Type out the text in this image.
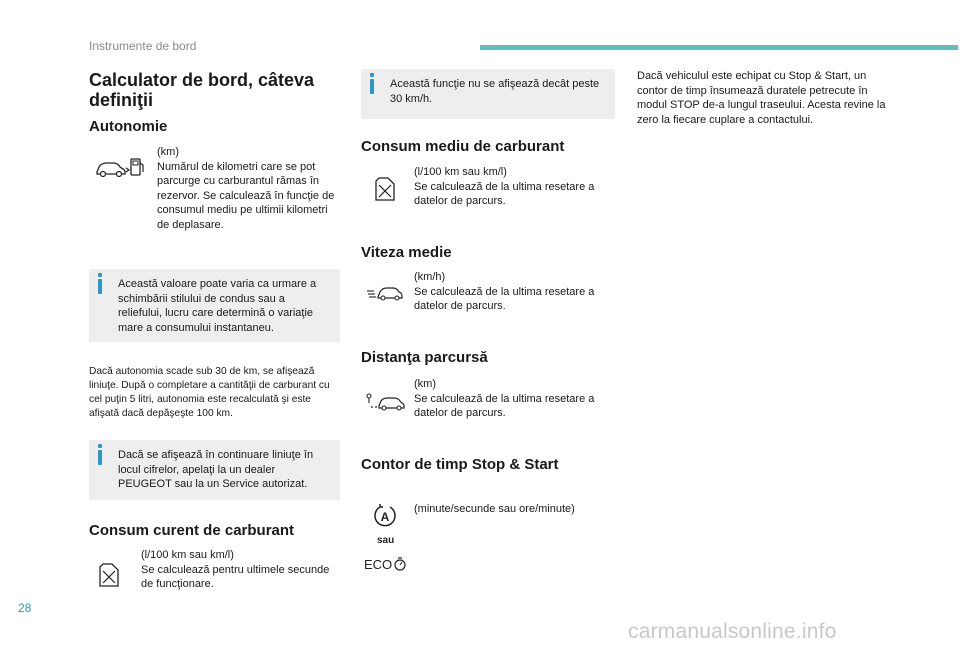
Instrumente de bord
Calculator de bord, câteva definiţii
Autonomie
(km)
Numărul de kilometri care se pot parcurge cu carburantul rămas în rezervor. Se calculează în funcţie de consumul mediu pe ultimii kilometri de deplasare.
Această valoare poate varia ca urmare a schimbării stilului de condus sau a reliefului, lucru care determină o variaţie mare a consumului instantaneu.
Dacă autonomia scade sub 30 de km, se afişează liniuţe. După o completare a cantităţii de carburant cu cel puţin 5 litri, autonomia este recalculată şi este afişată dacă depăşeşte 100 km.
Dacă se afişează în continuare liniuţe în locul cifrelor, apelaţi la un dealer PEUGEOT sau la un Service autorizat.
Consum curent de carburant
(l/100 km sau km/l)
Se calculează pentru ultimele secunde de funcţionare.
Această funcţie nu se afişează decât peste 30 km/h.
Consum mediu de carburant
(l/100 km sau km/l)
Se calculează de la ultima resetare a datelor de parcurs.
Viteza medie
(km/h)
Se calculează de la ultima resetare a datelor de parcurs.
Distanţa parcursă
(km)
Se calculează de la ultima resetare a datelor de parcurs.
Contor de timp Stop & Start
A
sau
ECO
(minute/secunde sau ore/minute)
Dacă vehiculul este echipat cu Stop & Start, un contor de timp însumează duratele petrecute în modul STOP de-a lungul traseului. Acesta revine la zero la fiecare cuplare a contactului.
28
carmanualsonline.info
